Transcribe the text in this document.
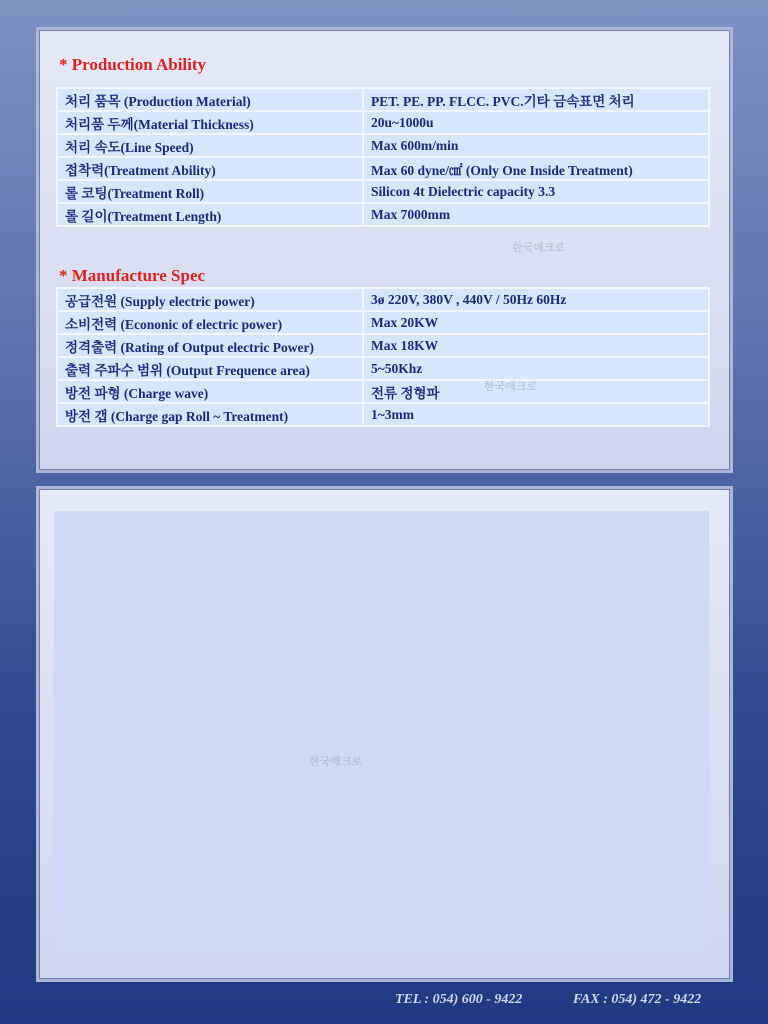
* Production Ability
처리 품목 (Production Material)	PET. PE. PP. FLCC. PVC.기타 금속표면 처리
처리품 두께(Material Thickness)	20u~1000u
처리 속도(Line Speed)	Max 600m/min
접착력(Treatment Ability)	Max 60 dyne/㎠ (Only One Inside Treatment)
롤 코팅(Treatment Roll)	Silicon 4t Dielectric capacity 3.3
롤 길이(Treatment Length)	Max 7000mm
* Manufacture Spec
공급전원 (Supply electric power)	3ø 220V, 380V , 440V / 50Hz 60Hz
소비전력 (Econonic of electric power)	Max 20KW
정격출력 (Rating of Output electric Power)	Max 18KW
출력 주파수 범위 (Output Frequence area)	5~50Khz
방전 파형 (Charge wave)	전류 정형파
방전 갭 (Charge gap Roll ~ Treatment)	1~3mm
한국매크로
한국매크로
한국매크로
TEL : 054) 600 - 9422	FAX : 054) 472 - 9422
